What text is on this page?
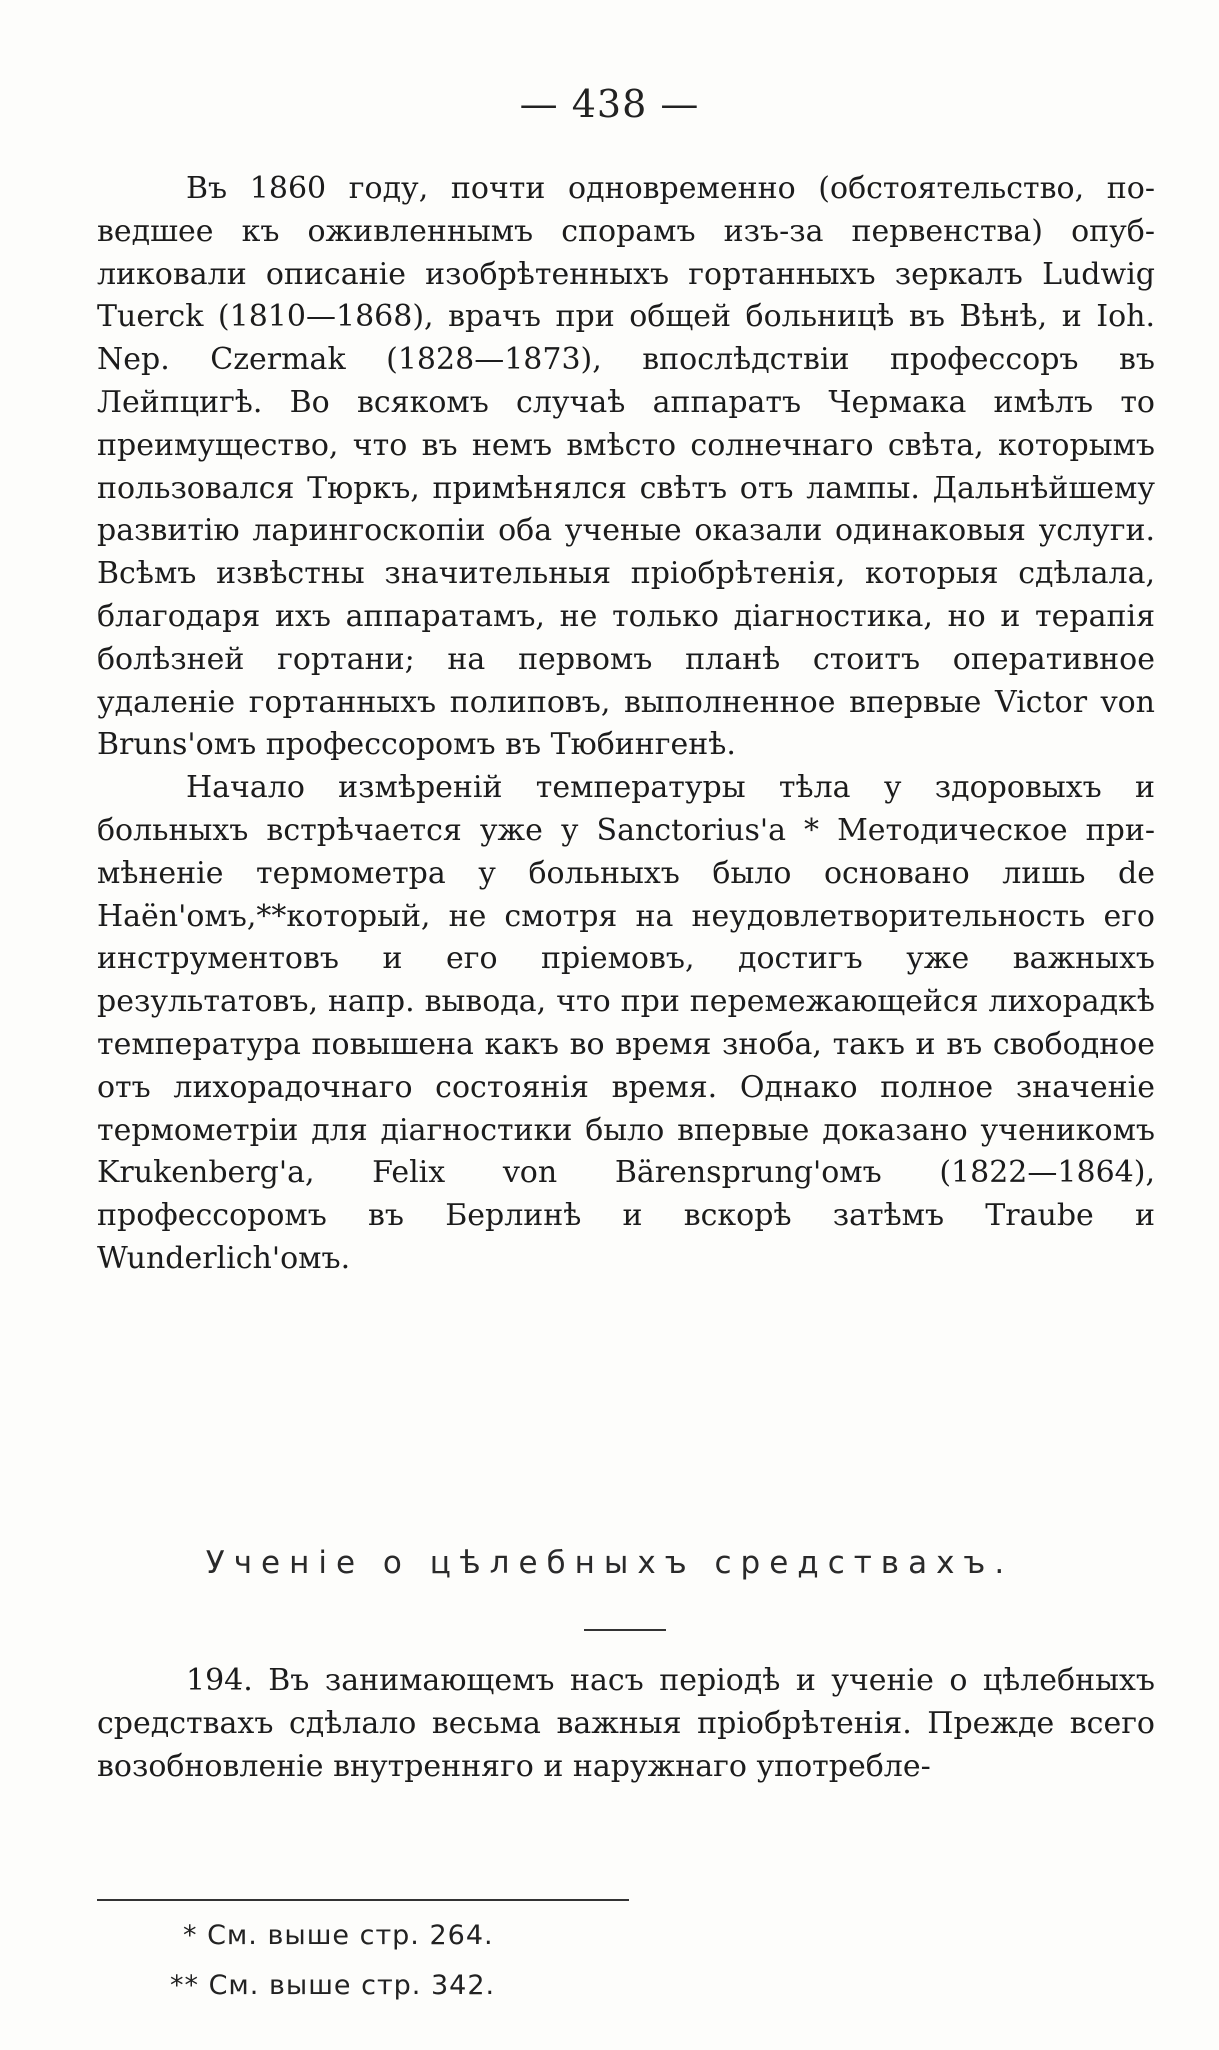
— 438 —

Въ 1860 году, почти одновременно (обстоятельство, поведшее къ оживленнымъ спорамъ изъ-за первенства) опубликовали описаніе изобрѣтенныхъ гортанныхъ зеркалъ Ludwig Tuerck (1810—1868), врачъ при общей больницѣ въ Вѣнѣ, и Ioh. Nep. Czermak (1828—1873), впослѣдствіи профессоръ въ Лейпцигѣ. Во всякомъ случаѣ аппаратъ Чермака имѣлъ то преимущество, что въ немъ вмѣсто солнечнаго свѣта, которымъ пользовался Тюркъ, примѣнялся свѣтъ отъ лампы. Дальнѣйшему развитію ларингоскопіи оба ученые оказали одинаковыя услуги. Всѣмъ извѣстны значительныя пріобрѣтенія, которыя сдѣлала, благодаря ихъ аппаратамъ, не только діагностика, но и терапія болѣзней гортани; на первомъ планѣ стоитъ оперативное удаленіе гортанныхъ полиповъ, выполненное впервые Victor von Bruns'омъ профессоромъ въ Тюбингенѣ.

Начало измѣреній температуры тѣла у здоровыхъ и больныхъ встрѣчается уже у Sanctorius'a * Методическое примѣненіе термометра у больныхъ было основано лишь de Haën'омъ,**который, не смотря на неудовлетворительность его инструментовъ и его пріемовъ, достигъ уже важныхъ результатовъ, напр. вывода, что при перемежающейся лихорадкѣ температура повышена какъ во время зноба, такъ и въ свободное отъ лихорадочнаго состоянія время. Однако полное значеніе термометріи для діагностики было впервые доказано ученикомъ Krukenberg'a, Felix von Bärensprung'омъ (1822—1864), профессоромъ въ Берлинѣ и вскорѣ затѣмъ Traube и Wunderlich'омъ.

Ученіе о цѣлебныхъ средствахъ.

194. Въ занимающемъ насъ періодѣ и ученіе о цѣлебныхъ средствахъ сдѣлало весьма важныя пріобрѣтенія. Прежде всего возобновленіе внутренняго и наружнаго употребле-

* См. выше стр. 264.
** См. выше стр. 342.
